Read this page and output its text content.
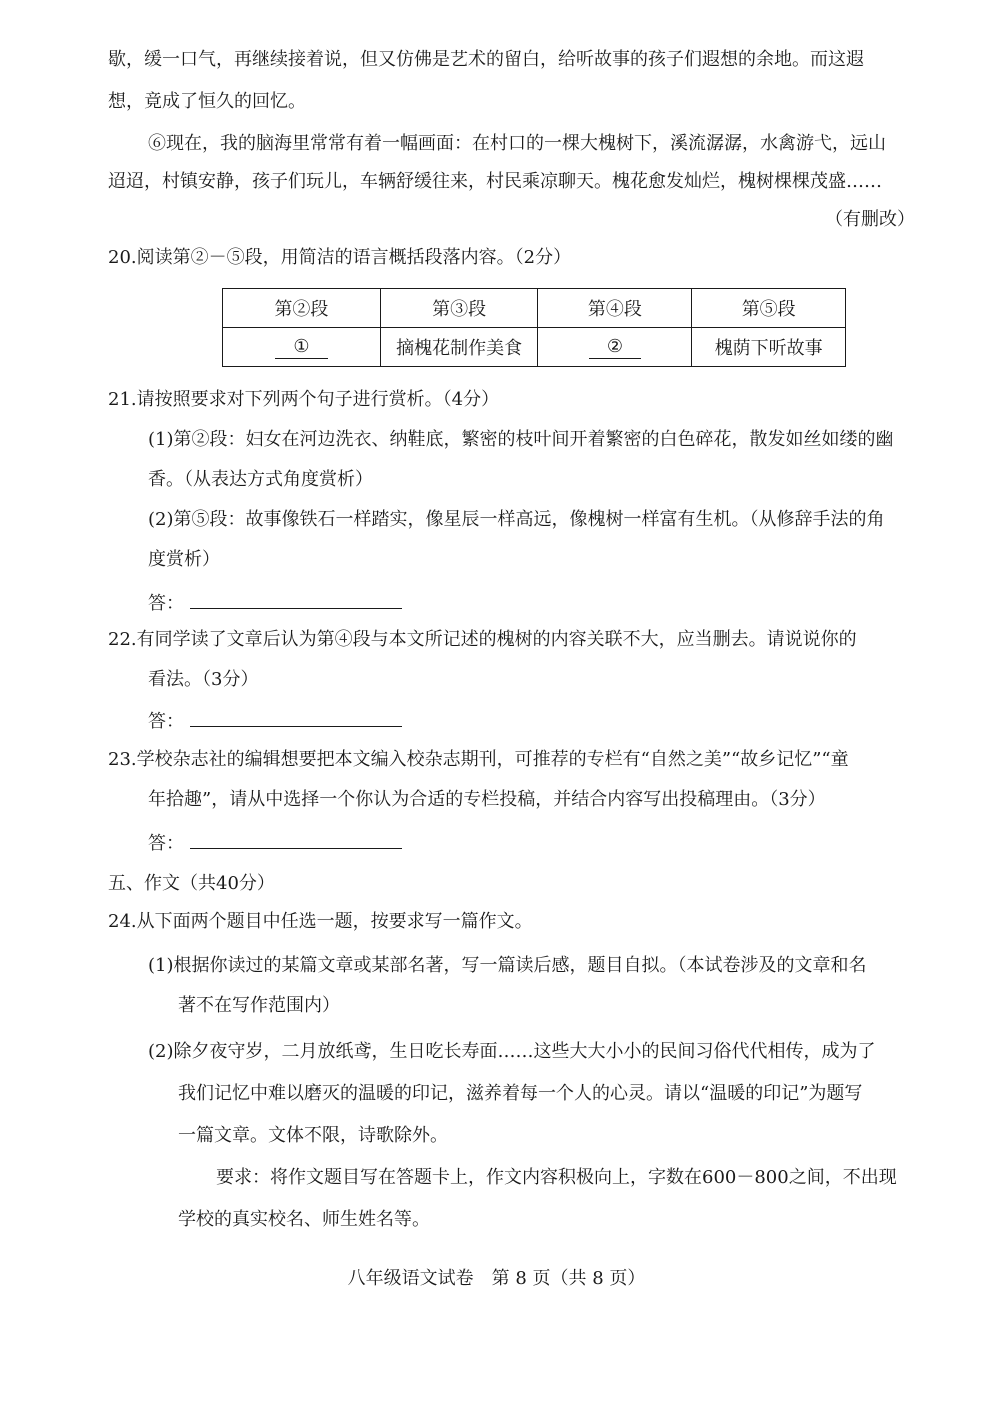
歇，缓一口气，再继续接着说，但又仿佛是艺术的留白，给听故事的孩子们遐想的余地。而这遐
想，竟成了恒久的回忆。
⑥现在，我的脑海里常常有着一幅画面：在村口的一棵大槐树下，溪流潺潺，水禽游弋，远山
迢迢，村镇安静，孩子们玩儿，车辆舒缓往来，村民乘凉聊天。槐花愈发灿烂，槐树棵棵茂盛……
（有删改）
20.阅读第②－⑤段，用简洁的语言概括段落内容。（2分）
第②段	第③段	第④段	第⑤段
①	摘槐花制作美食	②	槐荫下听故事
21.请按照要求对下列两个句子进行赏析。（4分）
(1)第②段：妇女在河边洗衣、纳鞋底，繁密的枝叶间开着繁密的白色碎花，散发如丝如缕的幽
香。（从表达方式角度赏析）
(2)第⑤段：故事像铁石一样踏实，像星辰一样高远，像槐树一样富有生机。（从修辞手法的角
度赏析）
答：
22.有同学读了文章后认为第④段与本文所记述的槐树的内容关联不大，应当删去。请说说你的
看法。（3分）
答：
23.学校杂志社的编辑想要把本文编入校杂志期刊，可推荐的专栏有“自然之美”“故乡记忆”“童
年拾趣”，请从中选择一个你认为合适的专栏投稿，并结合内容写出投稿理由。（3分）
答：
五、作文（共40分）
24.从下面两个题目中任选一题，按要求写一篇作文。
(1)根据你读过的某篇文章或某部名著，写一篇读后感，题目自拟。（本试卷涉及的文章和名
著不在写作范围内）
(2)除夕夜守岁，二月放纸鸢，生日吃长寿面……这些大大小小的民间习俗代代相传，成为了
我们记忆中难以磨灭的温暖的印记，滋养着每一个人的心灵。请以“温暖的印记”为题写
一篇文章。文体不限，诗歌除外。
要求：将作文题目写在答题卡上，作文内容积极向上，字数在600－800之间，不出现
学校的真实校名、师生姓名等。
八年级语文试卷　第 8 页（共 8 页）
